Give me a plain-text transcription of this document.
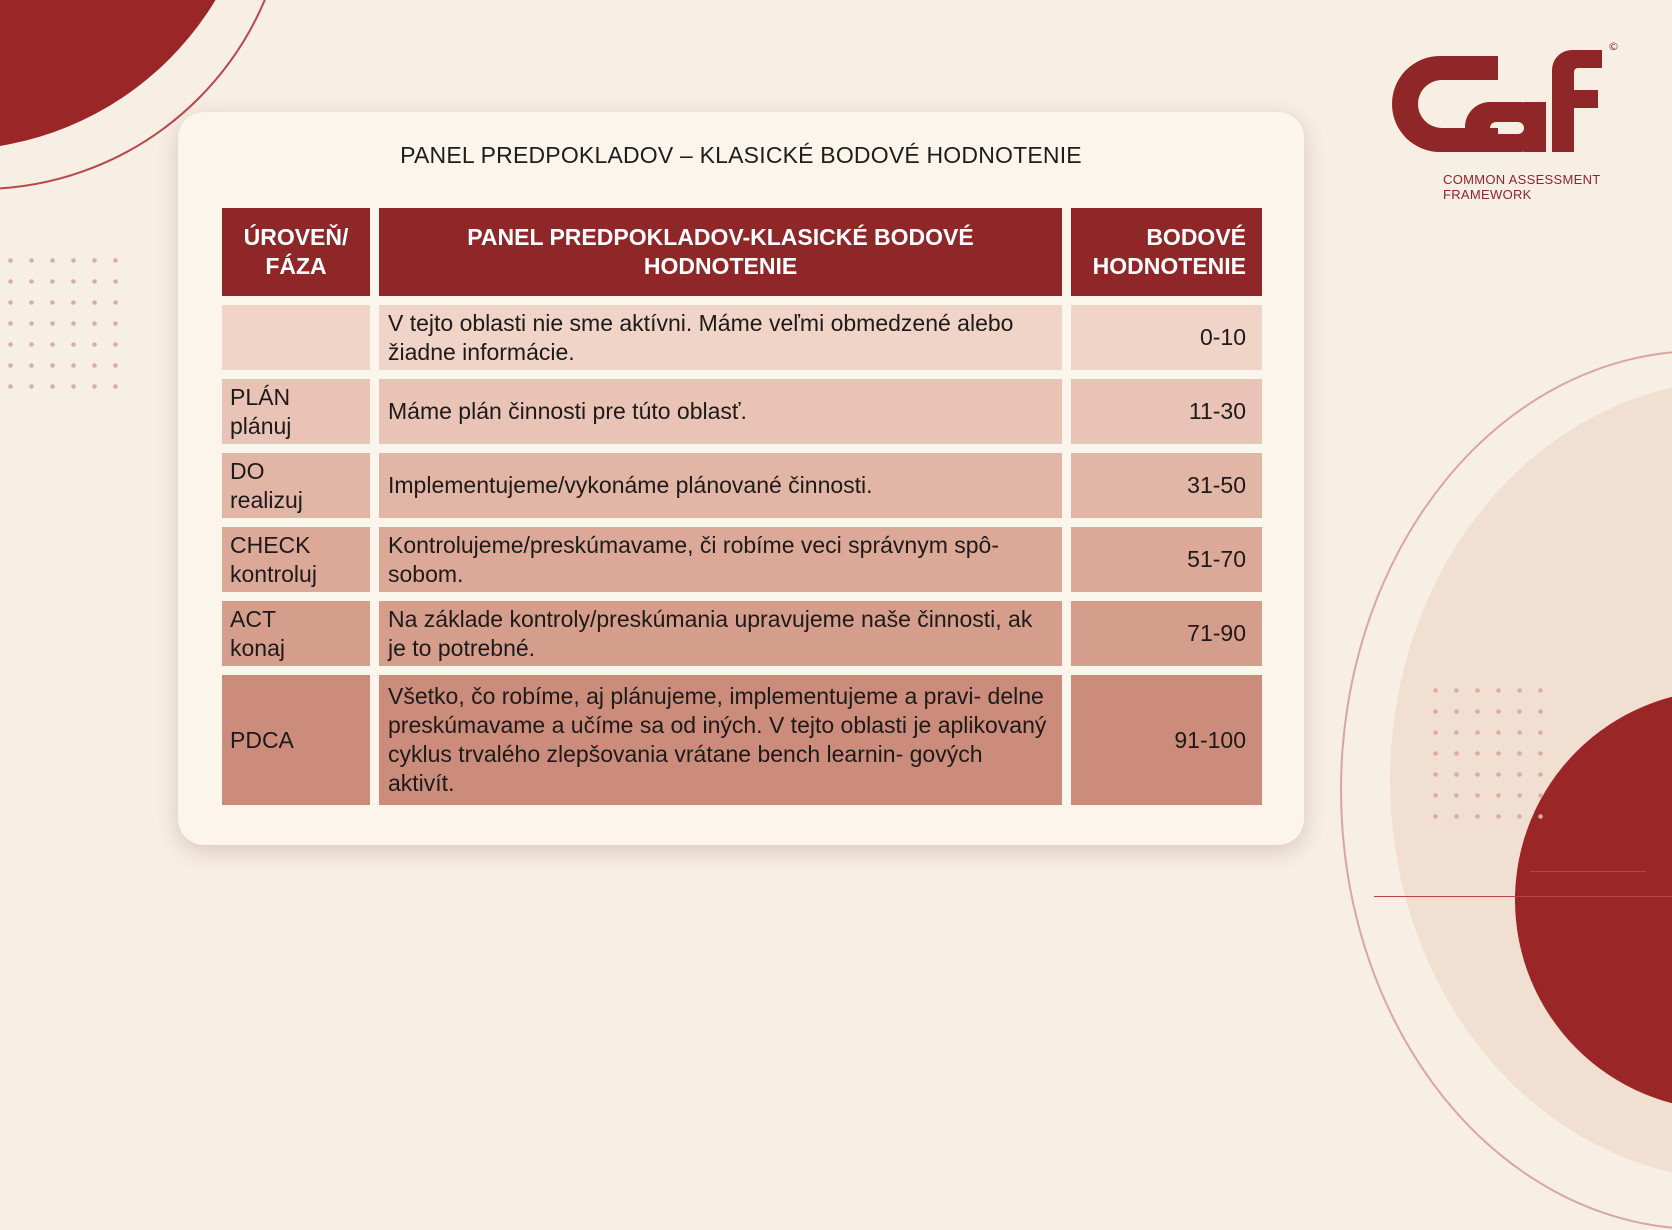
©
COMMON ASSESSMENT
FRAMEWORK
PANEL PREDPOKLADOV – KLASICKÉ BODOVÉ HODNOTENIE
ÚROVEŇ/ FÁZA
PANEL PREDPOKLADOV-KLASICKÉ BODOVÉ HODNOTENIE
BODOVÉ HODNOTENIE
V tejto oblasti nie sme aktívni. Máme veľmi obmedzené alebo žiadne informácie.
0-10
PLÁN
plánuj
Máme plán činnosti pre túto oblasť.	11-30
DO
realizuj
Implementujeme/vykonáme plánované činnosti.	31-50
CHECK
kontroluj
Kontrolujeme/preskúmavame, či robíme veci správnym spô- sobom.
51-70
ACT
konaj
Na základe kontroly/preskúmania upravujeme naše činnosti, ak je to potrebné.
71-90
PDCA
Všetko, čo robíme, aj plánujeme, implementujeme a pravi- delne preskúmavame a učíme sa od iných. V tejto oblasti je aplikovaný cyklus trvalého zlepšovania vrátane bench learnin- gových aktivít.
91-100
